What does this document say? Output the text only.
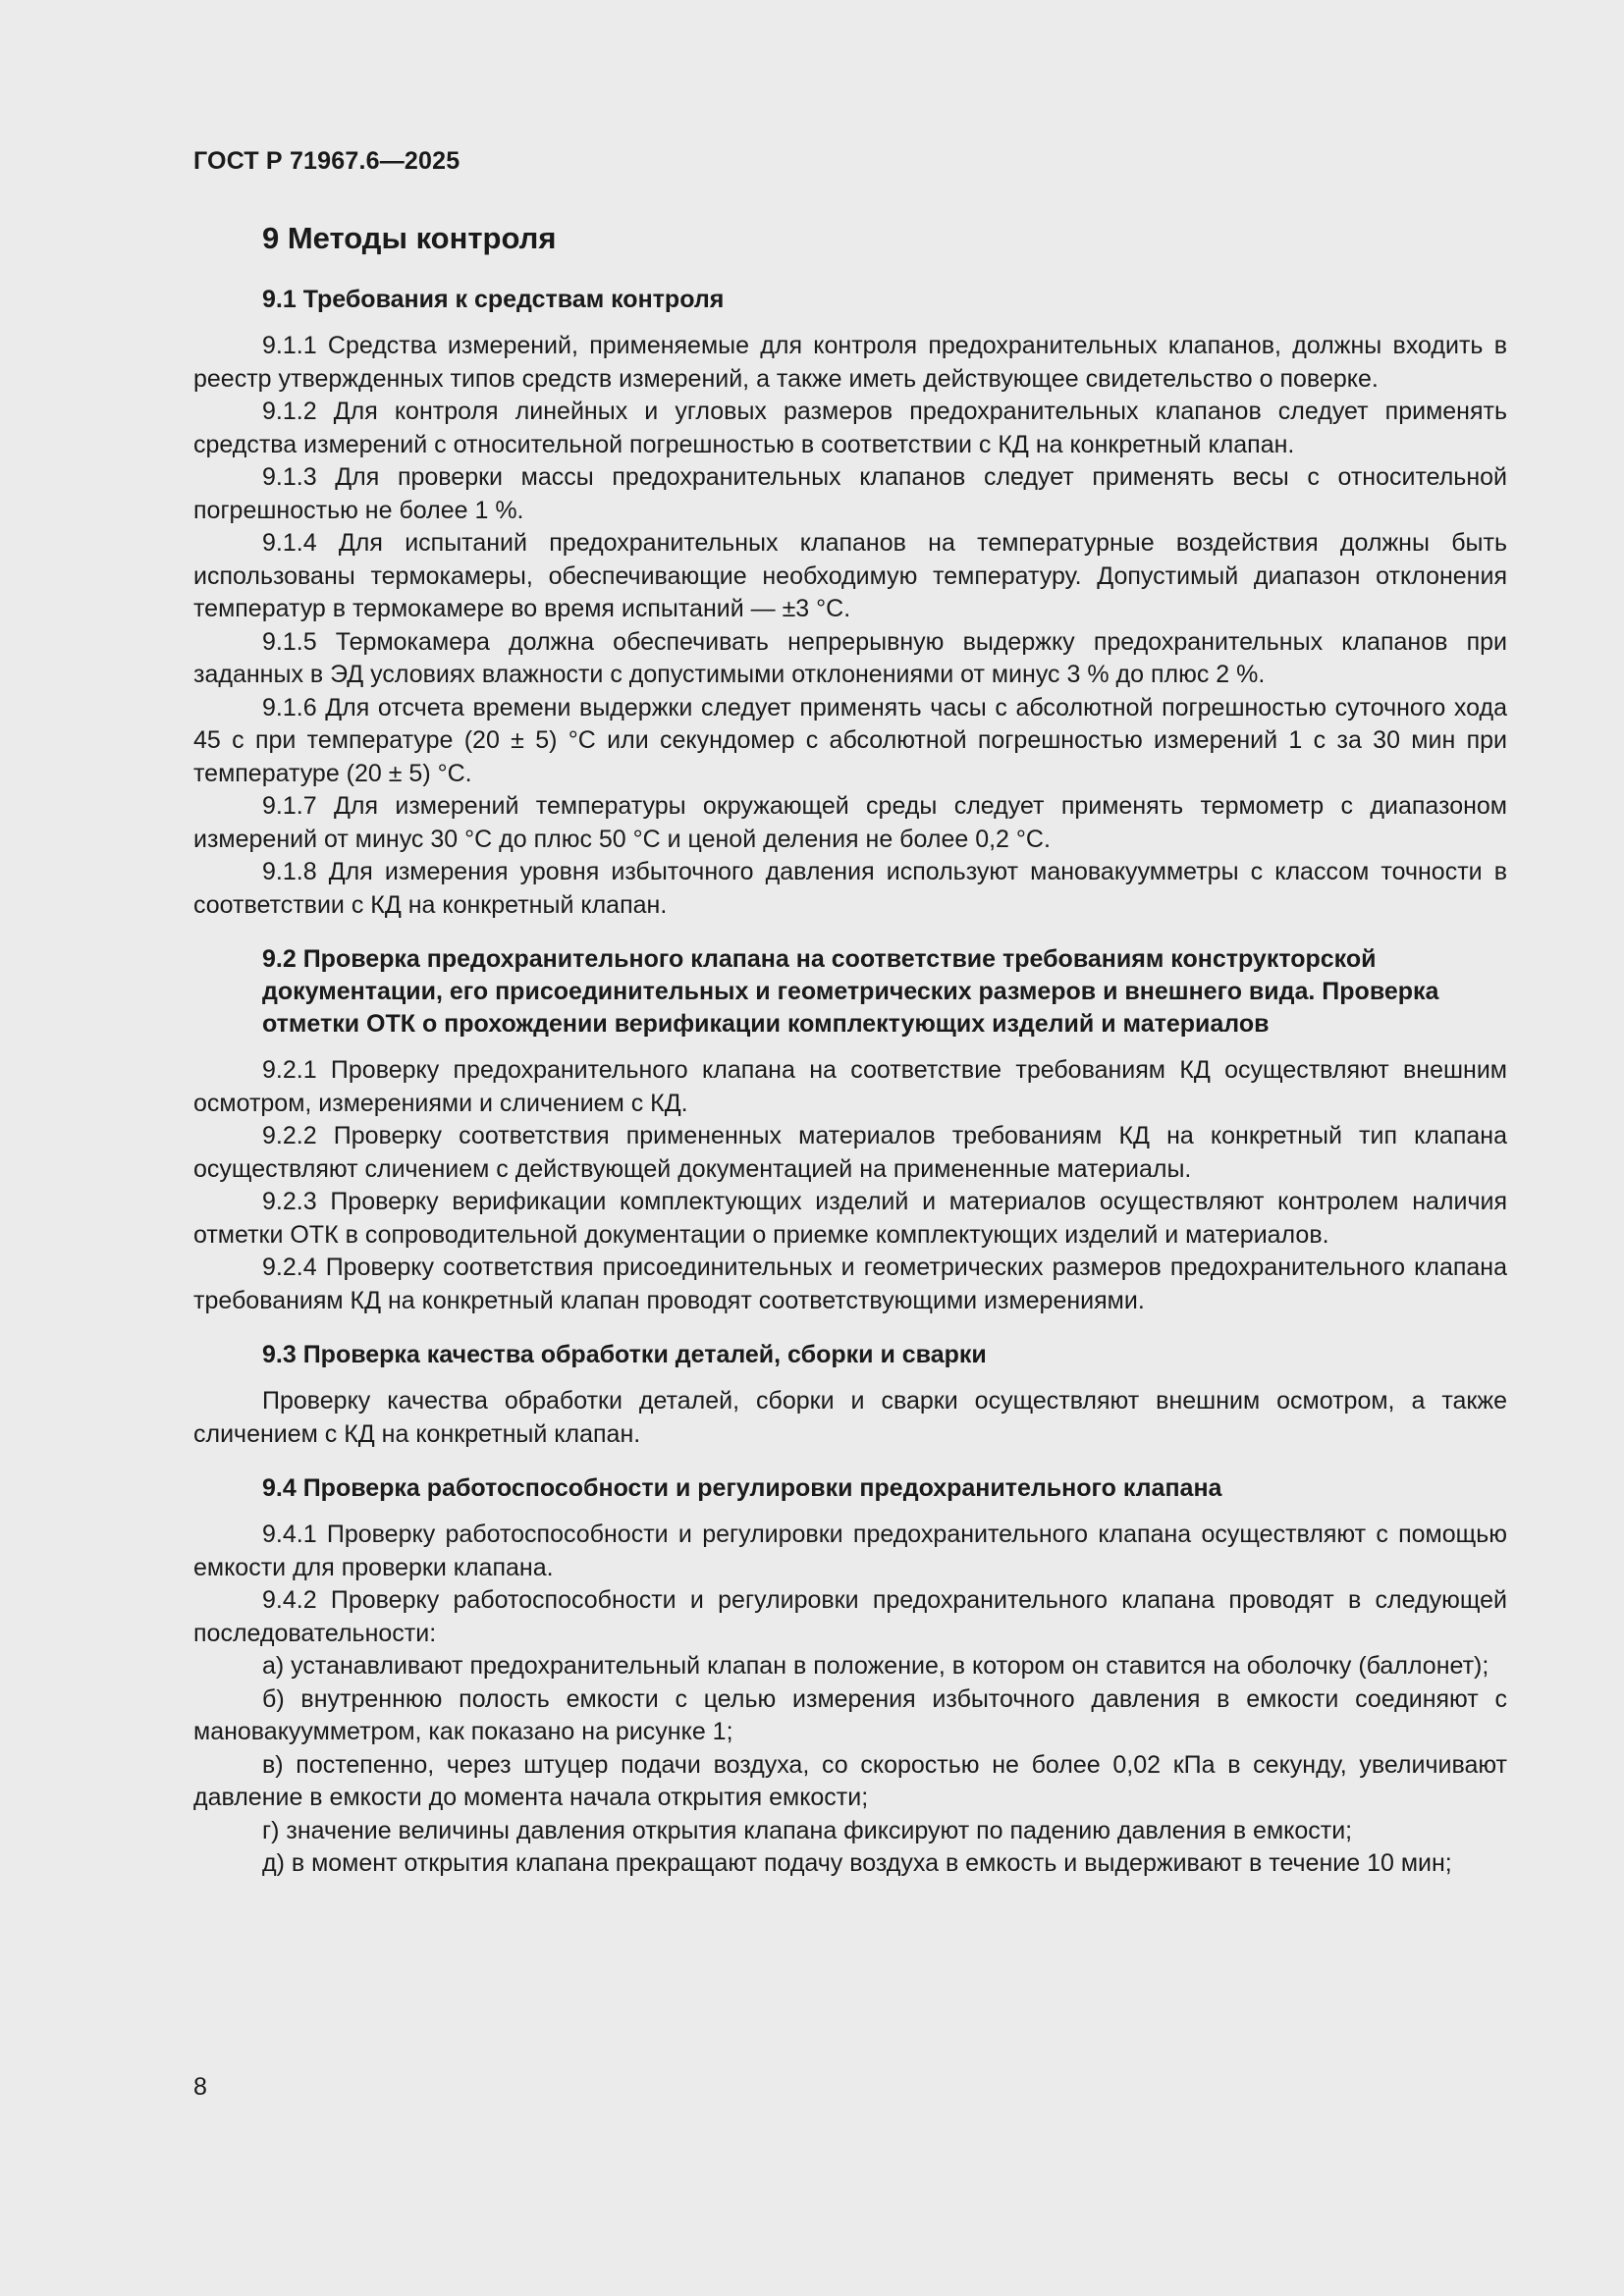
ГОСТ Р 71967.6—2025
9 Методы контроля
9.1 Требования к средствам контроля

9.1.1 Средства измерений, применяемые для контроля предохранительных клапанов, должны входить в реестр утвержденных типов средств измерений, а также иметь действующее свидетельство о поверке.

9.1.2 Для контроля линейных и угловых размеров предохранительных клапанов следует применять средства измерений с относительной погрешностью в соответствии с КД на конкретный клапан.

9.1.3 Для проверки массы предохранительных клапанов следует применять весы с относительной погрешностью не более 1 %.

9.1.4 Для испытаний предохранительных клапанов на температурные воздействия должны быть использованы термокамеры, обеспечивающие необходимую температуру. Допустимый диапазон отклонения температур в термокамере во время испытаний — ±3 °С.

9.1.5 Термокамера должна обеспечивать непрерывную выдержку предохранительных клапанов при заданных в ЭД условиях влажности с допустимыми отклонениями от минус 3 % до плюс 2 %.

9.1.6 Для отсчета времени выдержки следует применять часы с абсолютной погрешностью суточного хода 45 с при температуре (20 ± 5) °С или секундомер с абсолютной погрешностью измерений 1 с за 30 мин при температуре (20 ± 5) °С.

9.1.7 Для измерений температуры окружающей среды следует применять термометр с диапазоном измерений от минус 30 °С до плюс 50 °С и ценой деления не более 0,2 °С.

9.1.8 Для измерения уровня избыточного давления используют мановакуумметры с классом точности в соответствии с КД на конкретный клапан.

9.2 Проверка предохранительного клапана на соответствие требованиям конструкторской документации, его присоединительных и геометрических размеров и внешнего вида. Проверка отметки ОТК о прохождении верификации комплектующих изделий и материалов

9.2.1 Проверку предохранительного клапана на соответствие требованиям КД осуществляют внешним осмотром, измерениями и сличением с КД.

9.2.2 Проверку соответствия примененных материалов требованиям КД на конкретный тип клапана осуществляют сличением с действующей документацией на примененные материалы.

9.2.3 Проверку верификации комплектующих изделий и материалов осуществляют контролем наличия отметки ОТК в сопроводительной документации о приемке комплектующих изделий и материалов.

9.2.4 Проверку соответствия присоединительных и геометрических размеров предохранительного клапана требованиям КД на конкретный клапан проводят соответствующими измерениями.

9.3 Проверка качества обработки деталей, сборки и сварки

Проверку качества обработки деталей, сборки и сварки осуществляют внешним осмотром, а также сличением с КД на конкретный клапан.

9.4 Проверка работоспособности и регулировки предохранительного клапана

9.4.1 Проверку работоспособности и регулировки предохранительного клапана осуществляют с помощью емкости для проверки клапана.

9.4.2 Проверку работоспособности и регулировки предохранительного клапана проводят в следующей последовательности:

а) устанавливают предохранительный клапан в положение, в котором он ставится на оболочку (баллонет);

б) внутреннюю полость емкости с целью измерения избыточного давления в емкости соединяют с мановакуумметром, как показано на рисунке 1;

в) постепенно, через штуцер подачи воздуха, со скоростью не более 0,02 кПа в секунду, увеличивают давление в емкости до момента начала открытия емкости;

г) значение величины давления открытия клапана фиксируют по падению давления в емкости;

д) в момент открытия клапана прекращают подачу воздуха в емкость и выдерживают в течение 10 мин;

8
